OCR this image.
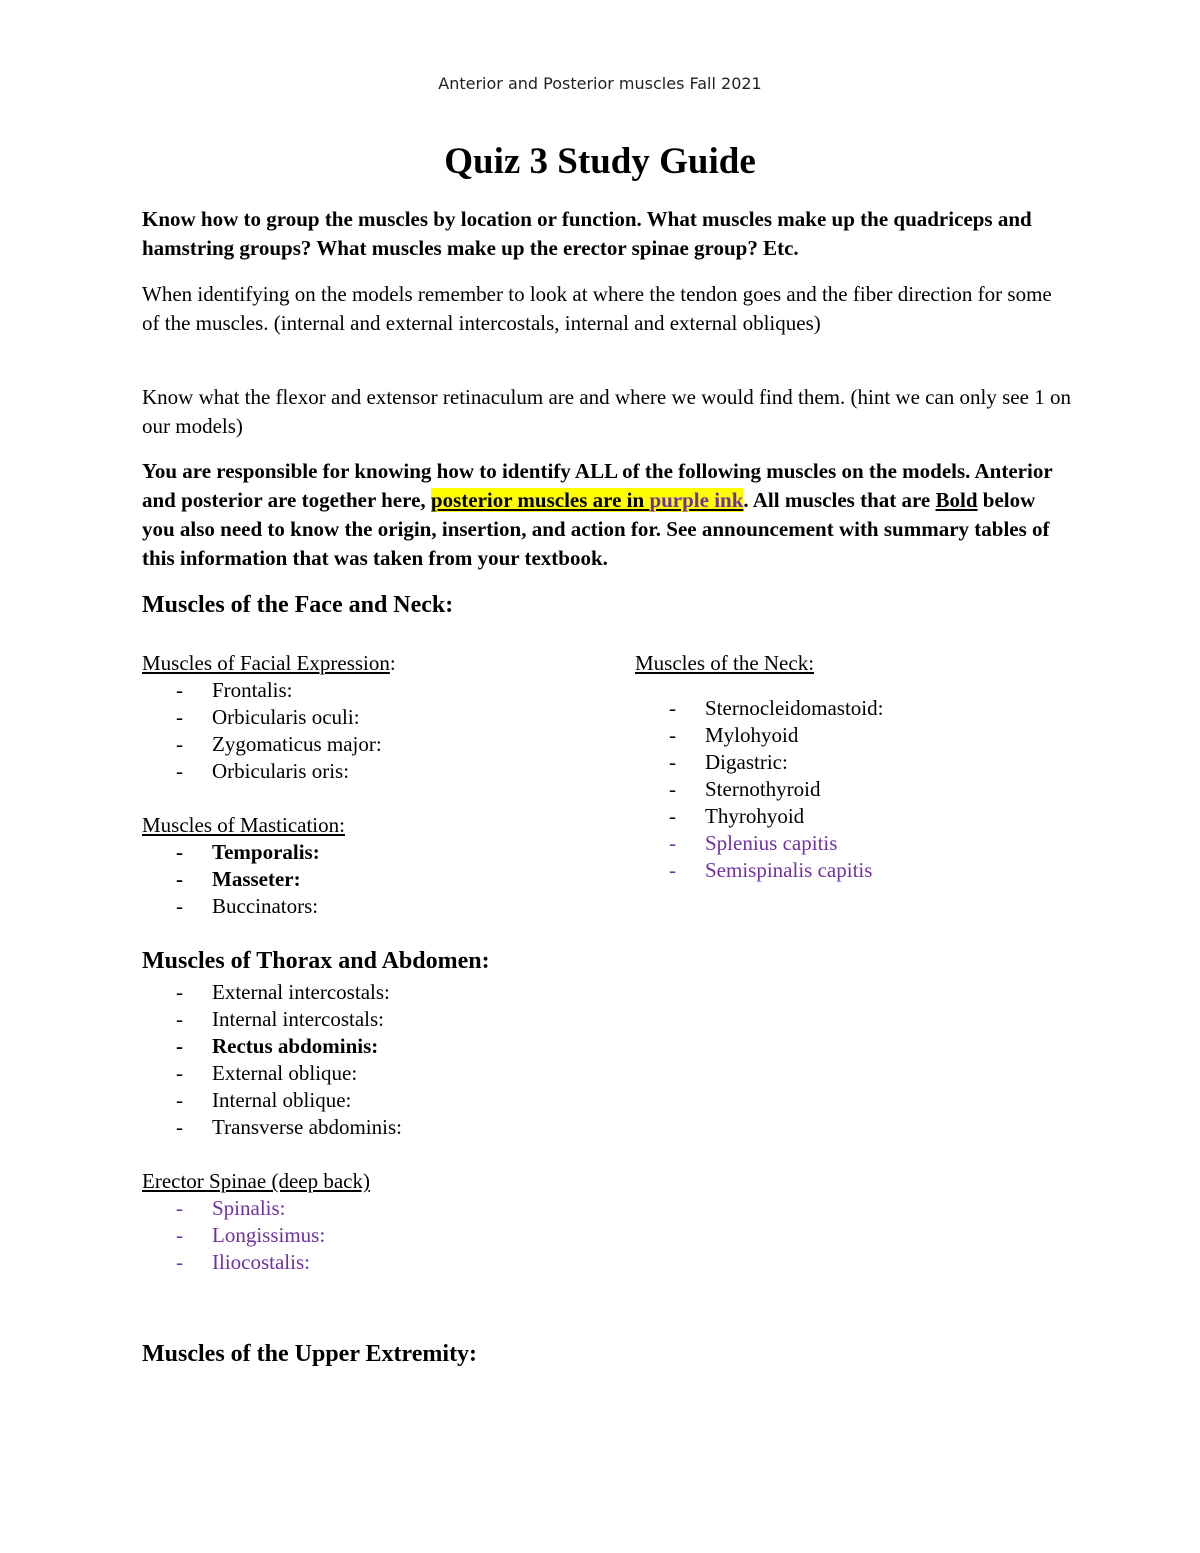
Anterior and Posterior muscles Fall 2021
Quiz 3 Study Guide

Know how to group the muscles by location or function. What muscles make up the quadriceps and hamstring groups? What muscles make up the erector spinae group? Etc.

When identifying on the models remember to look at where the tendon goes and the fiber direction for some of the muscles. (internal and external intercostals, internal and external obliques)

Know what the flexor and extensor retinaculum are and where we would find them. (hint we can only see 1 on our models)

You are responsible for knowing how to identify ALL of the following muscles on the models. Anterior and posterior are together here, posterior muscles are in purple ink. All muscles that are Bold below you also need to know the origin, insertion, and action for. See announcement with summary tables of this information that was taken from your textbook.

Muscles of the Face and Neck:

Muscles of Facial Expression:

- Frontalis:
- Orbicularis oculi:
- Zygomaticus major:
- Orbicularis oris:

Muscles of Mastication:

- Temporalis:
- Masseter:
- Buccinators:

Muscles of the Neck:

- Sternocleidomastoid:
- Mylohyoid
- Digastric:
- Sternothyroid
- Thyrohyoid
- Splenius capitis
- Semispinalis capitis
Muscles of Thorax and Abdomen:
- External intercostals:
- Internal intercostals:
- Rectus abdominis:
- External oblique:
- Internal oblique:
- Transverse abdominis:

Erector Spinae (deep back)

- Spinalis:
- Longissimus:
- Iliocostalis:
Muscles of the Upper Extremity:
